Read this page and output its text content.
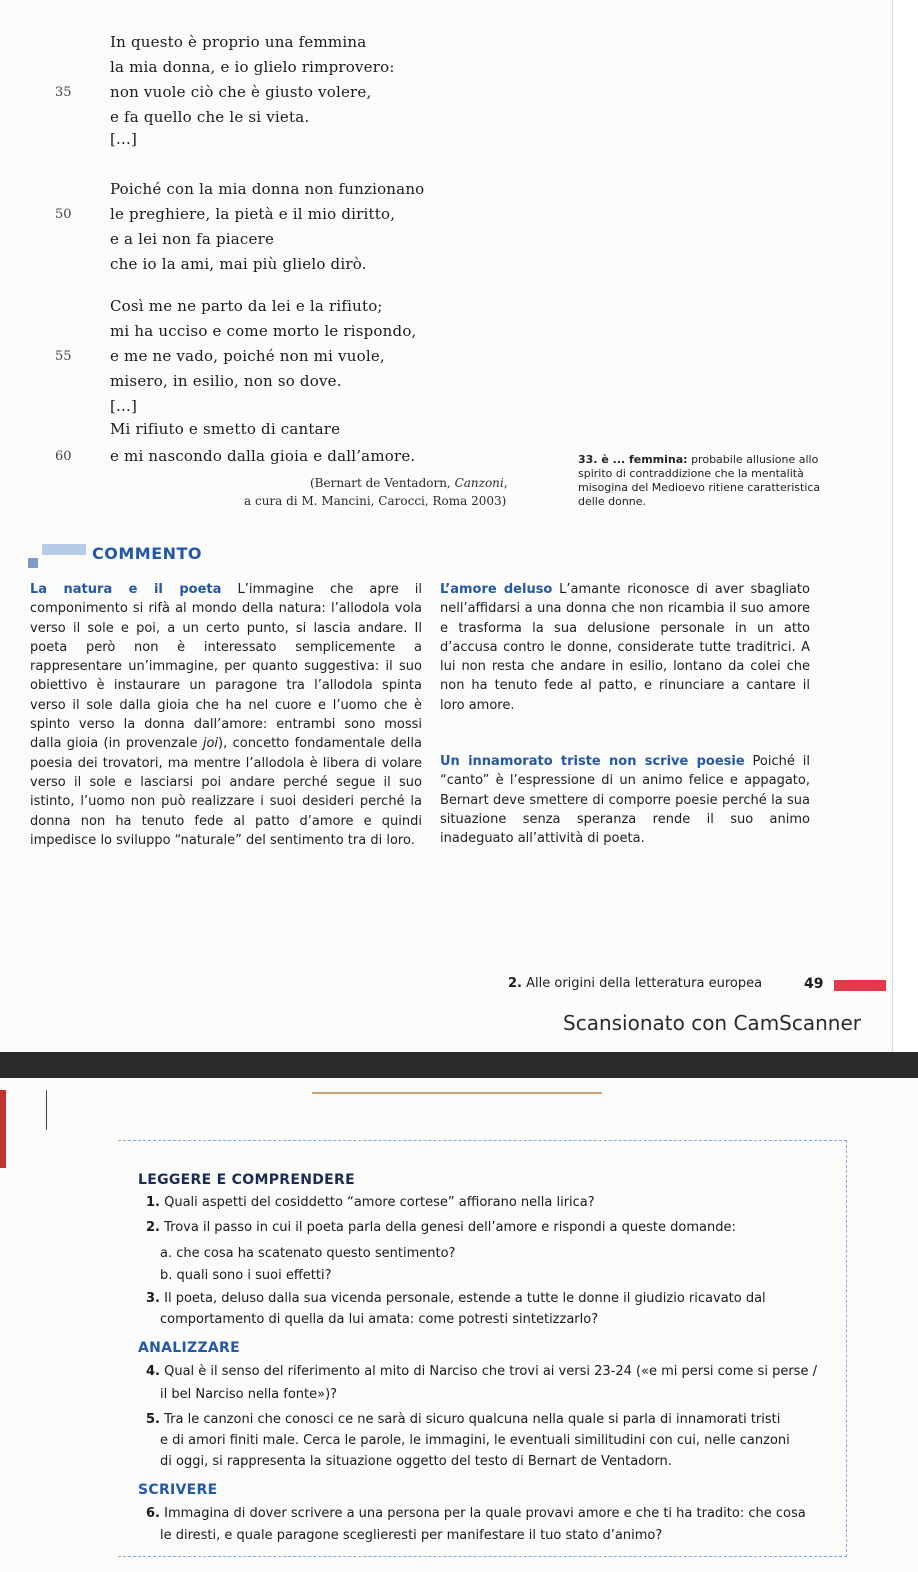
In questo è proprio una femmina
la mia donna, e io glielo rimprovero:
non vuole ciò che è giusto volere,
35
e fa quello che le si vieta.
[...]
Poiché con la mia donna non funzionano
le preghiere, la pietà e il mio diritto,
50
e a lei non fa piacere
che io la ami, mai più glielo dirò.
Così me ne parto da lei e la rifiuto;
mi ha ucciso e come morto le rispondo,
e me ne vado, poiché non mi vuole,
55
misero, in esilio, non so dove.
[...]
Mi rifiuto e smetto di cantare
e mi nascondo dalla gioia e dall’amore.
60
(Bernart de Ventadorn, Canzoni,
a cura di M. Mancini, Carocci, Roma 2003)
33. è ... femmina: probabile allusione allo spirito di contraddizione che la mentalità misogina del Medioevo ritiene caratteristica delle donne.
COMMENTO

La natura e il poeta L’immagine che apre il componimento si rifà al mondo della natura: l’allodola vola verso il sole e poi, a un certo punto, si lascia andare. Il poeta però non è interessato semplicemente a rappresentare un’immagine, per quanto suggestiva: il suo obiettivo è instaurare un paragone tra l’allodola spinta verso il sole dalla gioia che ha nel cuore e l’uomo che è spinto verso la donna dall’amore: entrambi sono mossi dalla gioia (in provenzale joi), concetto fondamentale della poesia dei trovatori, ma mentre l’allodola è libera di volare verso il sole e lasciarsi poi andare perché segue il suo istinto, l’uomo non può realizzare i suoi desideri perché la donna non ha tenuto fede al patto d’amore e quindi impedisce lo sviluppo “naturale” del sentimento tra di loro.

L’amore deluso L’amante riconosce di aver sbagliato nell’affidarsi a una donna che non ricambia il suo amore e trasforma la sua delusione personale in un atto d’accusa contro le donne, considerate tutte traditrici. A lui non resta che andare in esilio, lontano da colei che non ha tenuto fede al patto, e rinunciare a cantare il loro amore.

Un innamorato triste non scrive poesie Poiché il “canto” è l’espressione di un animo felice e appagato, Bernart deve smettere di comporre poesie perché la sua situazione senza speranza rende il suo animo inadeguato all’attività di poeta.

2. Alle origini della letteratura europea	49
Scansionato con CamScanner
LEGGERE E COMPRENDERE
1. Quali aspetti del cosiddetto “amore cortese” affiorano nella lirica?
2. Trova il passo in cui il poeta parla della genesi dell’amore e rispondi a queste domande:
a. che cosa ha scatenato questo sentimento?
b. quali sono i suoi effetti?
3. Il poeta, deluso dalla sua vicenda personale, estende a tutte le donne il giudizio ricavato dal
comportamento di quella da lui amata: come potresti sintetizzarlo?
ANALIZZARE
4. Qual è il senso del riferimento al mito di Narciso che trovi ai versi 23-24 («e mi persi come si perse /
il bel Narciso nella fonte»)?
5. Tra le canzoni che conosci ce ne sarà di sicuro qualcuna nella quale si parla di innamorati tristi
e di amori finiti male. Cerca le parole, le immagini, le eventuali similitudini con cui, nelle canzoni
di oggi, si rappresenta la situazione oggetto del testo di Bernart de Ventadorn.
SCRIVERE
6. Immagina di dover scrivere a una persona per la quale provavi amore e che ti ha tradito: che cosa
le diresti, e quale paragone sceglieresti per manifestare il tuo stato d’animo?
